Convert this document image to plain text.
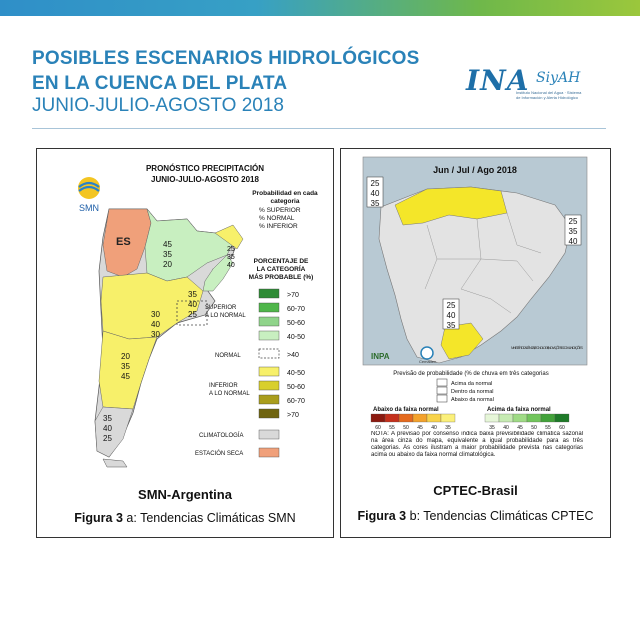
POSIBLES ESCENARIOS HIDROLÓGICOS
EN LA CUENCA DEL PLATA
JUNIO-JULIO-AGOSTO 2018
INA SiyAH
Instituto Nacional del Agua · Sistema de Información y Alerta Hidrológico
PRONÓSTICO PRECIPITACIÓN
JUNIO-JULIO-AGOSTO 2018
SMN
ES	45
35
20
25
35
40
35
40
25
30
40
30
20
35
45
35
40
25
Probabilidad en cada
categoria
% SUPERIOR
% NORMAL
% INFERIOR
PORCENTAJE DE
LA CATEGORÍA
MÁS PROBABLE (%)
>70
60-70
50-60
40-50
SUPERIOR
A LO NORMAL
NORMAL	>40
40-50
50-60
60-70
>70
INFERIOR
A LO NORMAL
CLIMATOLOGÍA
ESTACIÓN SECA
SMN-Argentina
Figura 3 a: Tendencias Climáticas SMN
Jun / Jul / Ago 2018
25
40
35
25
35
40
25
40
35
INPA
Cemaden
MINISTÉRIO DA CIÊNCIA, TECNOLOGIA, INOVAÇÕES E COMUNICAÇÕES
Previsão de probabilidade (% de chuva em três categorias
Acima da normal
Dentro da normal
Abaixo da normal
Abaixo da faixa normal	Acima da faixa normal
60 55 50 45 40 35	35 40 45 50 55 60
NOTA: A previsão por consenso indica baixa previsibilidade climática sazonal na área cinza do mapa, equivalente a igual probabilidade para as três categorias. As cores ilustram a maior probabilidade prevista nas categorias acima ou abaixo da faixa normal climatológica.
CPTEC-Brasil
Figura 3 b: Tendencias Climáticas CPTEC
